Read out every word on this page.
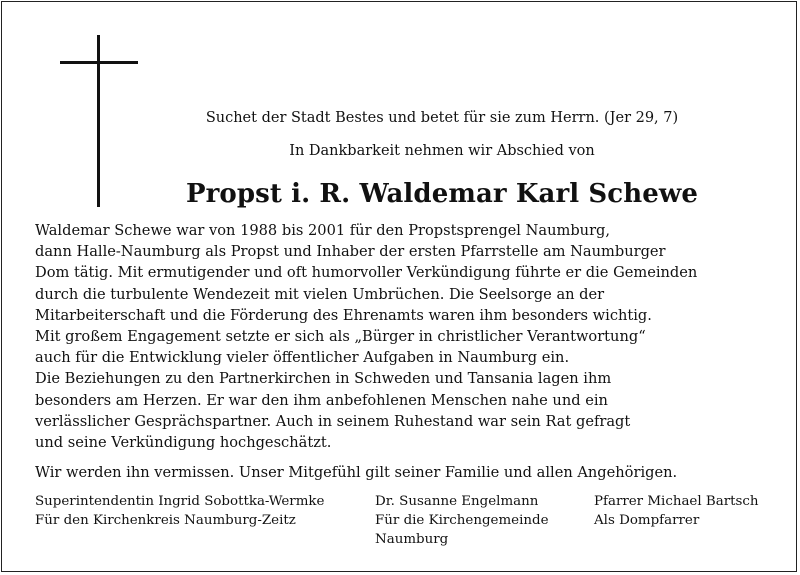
Suchet der Stadt Bestes und betet für sie zum Herrn. (Jer 29, 7)
In Dankbarkeit nehmen wir Abschied von
Propst i. R. Waldemar Karl Schewe
Waldemar Schewe war von 1988 bis 2001 für den Propstsprengel Naumburg,
dann Halle-Naumburg als Propst und Inhaber der ersten Pfarrstelle am Naumburger
Dom tätig. Mit ermutigender und oft humorvoller Verkündigung führte er die Gemeinden
durch die turbulente Wendezeit mit vielen Umbrüchen. Die Seelsorge an der
Mitarbeiterschaft und die Förderung des Ehrenamts waren ihm besonders wichtig.
Mit großem Engagement setzte er sich als „Bürger in christlicher Verantwortung“
auch für die Entwicklung vieler öffentlicher Aufgaben in Naumburg ein.
Die Beziehungen zu den Partnerkirchen in Schweden und Tansania lagen ihm
besonders am Herzen. Er war den ihm anbefohlenen Menschen nahe und ein
verlässlicher Gesprächspartner. Auch in seinem Ruhestand war sein Rat gefragt
und seine Verkündigung hochgeschätzt.
Wir werden ihn vermissen. Unser Mitgefühl gilt seiner Familie und allen Angehörigen.
Superintendentin Ingrid Sobottka-Wermke
Für den Kirchenkreis Naumburg-Zeitz
Dr. Susanne Engelmann
Für die Kirchengemeinde
Naumburg
Pfarrer Michael Bartsch
Als Dompfarrer
